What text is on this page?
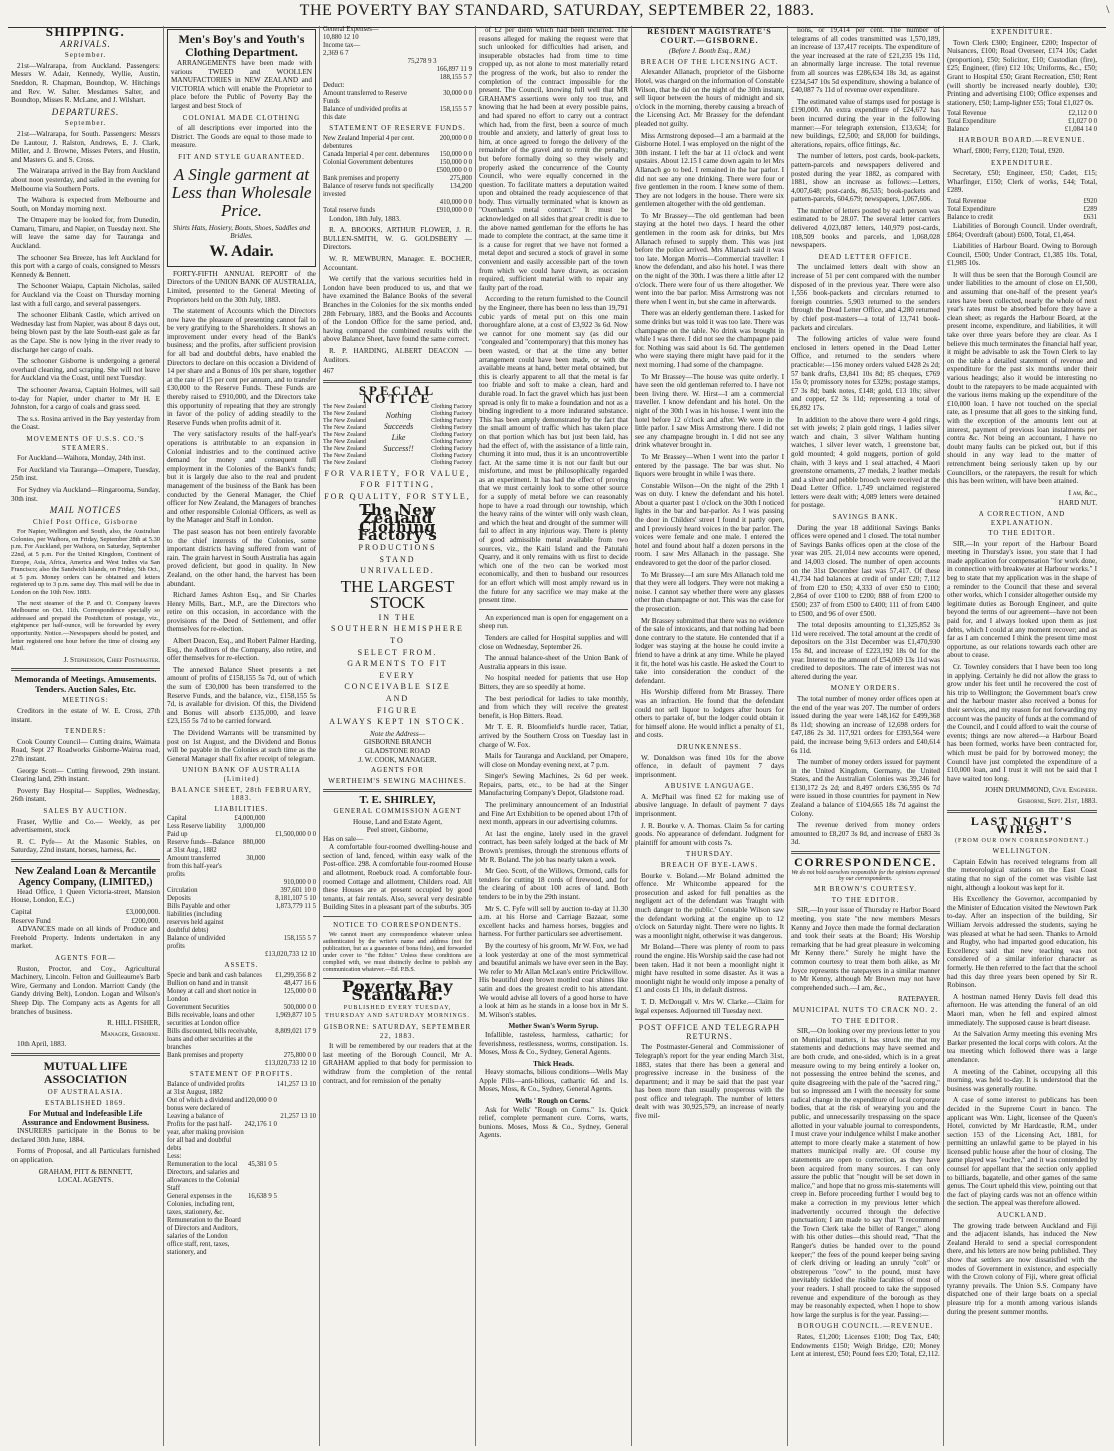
THE POVERTY BAY STANDARD, SATURDAY, SEPTEMBER 22, 1883.	\
SHIPPING.
ARRIVALS.
September.

21st—Walrarapa, from Auckland. Passengers: Messrs W. Adair, Kennedy, Wyllie, Austin, Sneddon, R. Chapman, Boundtop, W. Hitchings and Rev. W. Salter. Mesdames Salter, and Boundtop, Misses R. McLane, and J. Wilshart.

DEPARTURES.
September.

21st—Walrarapa, for South. Passengers: Messrs De Lautour, J. Ralston, Andrews, E. J. Clark, Miller, and J. Browne, Misses Peters, and Hustin, and Masters G. and S. Cross.

The Wairarapa arrived in the Bay from Auckland about noon yesterday, and sailed in the evening for Melbourne via Southern Ports.

The Waihora is expected from Melbourne and South, on Monday morning next.

The Omapere may be looked for, from Dunedin, Oamaru, Timaru, and Napier, on Tuesday next. She will leave the same day for Tauranga and Auckland.

The schooner Sea Breeze, has left Auckland for this port with a cargo of coals, consigned to Messrs Kennedy & Bennett.

The Schooner Waiapu, Captain Nicholas, sailed for Auckland via the Coast on Thursday morning last with a full cargo, and several passengers.

The schooner Elibank Castle, which arrived on Wednesday last from Napier, was about 8 days out, being blown past by the late South-east gale as far as the Cape. She is now lying in the river ready to discharge her cargo of coals.

The schooner Gisborne is undergoing a general overhaul cleaning, and scraping. She will not leave for Auckland via the Coast, until next Tuesday.

The schooner Awaroa, Captain Holmes, will sail to-day for Napier, under charter to Mr H. E Johnston, for a cargo of coals and grass seed.

The s.s. Rosina arrived in the Bay yesterday from the Coast.

MOVEMENTS OF U.S.S. CO.'S STEAMERS.

For Auckland—Waihora, Monday, 24th inst.

For Auckland via Tauranga—Omapere, Tuesday, 25th inst.

For Sydney via Auckland—Ringarooma, Sunday, 30th inst.

MAIL NOTICES
Chief Post Office, Gisborne

For Napier, Wellington and South, also, the Australian Colonies, per Waihora, on Friday, September 28th at 5.30 p.m. For Auckland, per Waihora, on Saturday, September 22nd, at 5 p.m. For the United Kingdom, Continent of Europe, Asia, Africa, America and West Indies via San Francisco; also the Sandwich Islands, on Friday, 5th Oct., at 5 p.m. Money orders can be obtained and letters registered up to 3 p.m. same day. This mail will be due in London on the 10th Nov. 1883.

The next steamer of the P. and O. Company leaves Melbourne on Oct. 11th. Correspondence specially so addressed and prepaid the Postdictum of postage, viz., eightpence per half-ounce, will be forwarded by every opportunity. Notice.—Newspapers should be posted, and letter registered one hour before the time of closing any Mail.

J. Stephenson, Chief Postmaster.
Memoranda of Meetings. Amusements. Tenders. Auction Sales, Etc.
MEETINGS:

Creditors in the estate of W. E. Cross, 27th instant.

TENDERS:

Cook County Council— Cutting drains, Waimata Road, Sept 27 Roadworks Gisborne-Wairoa road, 27th instant.

George Scott— Cutting firewood, 29th instant. Clearing land, 29th instant.

Poverty Bay Hospital— Supplies, Wednesday, 26th instant.

SALES BY AUCTION.

Fraser, Wyllie and Co.— Weekly, as per advertisement, stock

R. C. Pyfe— At the Masonic Stables, on Saturday, 22nd instant, horses, harness, &c.

New Zealand Loan & Mercantile Agency Company, (LIMITED,)

Head Office, 1 Queen Victoria-street, Mansion House, London, E.C.)

Capital	£3,000,000.
Reserve Fund	£200,000.

ADVANCES made on all kinds of Produce and Freehold Property. Indents undertaken in any market.

AGENTS FOR—

Ruston, Proctor, and Coy., Agricultural Machinery, Lincoln. Felton and Guilleaume's Barb Wire, Germany and London. Marriott Candy (the Gandy driving Belt), London. Logan and Wilson's Sheep Dip. The Company acts as Agents for all branches of business.

R. HILL FISHER,
Manager, Gisborne.

10th April, 1883.

MUTUAL LIFE ASSOCIATION
OF AUSTRALASIA.
ESTABLISHED 1869.
For Mutual and Indefeasible Life Assurance and Endowment Business.

INSURERS participate in the Bonus to be declared 30th June, 1884.

Forms of Proposal, and all Particulars furnished on application.

GRAHAM, PITT & BENNETT,
LOCAL AGENTS.
Men's Boy's and Youth's Clothing Department.

ARRANGEMENTS have been made with various TWEED and WOOLLEN MANUFACTORIES in NEW ZEALAND and VICTORIA which will enable the Proprietor to place before the Public of Poverty Bay the largest and best Stock of

COLONIAL MADE CLOTHING

of all descriptions ever imported into the District. The Goods are equal to those made to measure.

FIT AND STYLE GUARANTEED.
A Single garment at Less than Wholesale Price.
Shirts Hats, Hosiery, Boots, Shoes, Saddles and Bridles.
W. Adair.

FORTY-FIFTH ANNUAL REPORT of the Directors of the UNION BANK OF AUSTRALIA, Limited, presented to the General Meeting of Proprietors held on the 30th July, 1883.

The statement of Accounts which the Directors now have the pleasure of presenting cannot fail to be very gratifying to the Shareholders. It shows an improvement under every head of the Bank's business; and the profits, after sufficient provision for all bad and doubtful debts, have enabled the Directors to declare on this occasion a Dividend of 14 per share and a Bonus of 10s per share, together at the rate of 15 per cent per annum, and to transfer £30,000 to the Reserve Funds. These Funds are thereby raised to £910,000, and the Directors take this opportunity of repeating that they are strongly in favor of the policy of adding steadily to the Reserve Funds when profits admit of it.

The very satisfactory results of the half-year's operations is attributable to an expansion in Colonial industries and to the continued active demand for money and consequent full employment in the Colonies of the Bank's funds; but it is largely due also to the real and prudent management of the business of the Bank has been conducted by the General Manager, the Chief officer for New Zealand, the Managers of branches and other responsible Colonial Officers, as well as by the Manager and Staff in London.

The past season has not been entirely favorable to the chief interests of the Colonies, some important districts having suffered from want of rain. The grain harvest in South Australia has again proved deficient, but good in quality. In New Zealand, on the other hand, the harvest has been abundant.

Richard James Ashton Esq., and Sir Charles Henry Mills, Bart., M.P., are the Directors who retire on this occasion, in accordance with the provisions of the Deed of Settlement, and offer themselves for re-election.

Albert Deacon, Esq., and Robert Palmer Harding, Esq., the Auditors of the Company, also retire, and offer themselves for re-election.

The annexed Balance Sheet presents a net amount of profits of £158,155 5s 7d, out of which the sum of £30,000 has been transferred to the Reserve Funds, and the balance, viz., £158,155 5s 7d, is available for division. Of this, the Dividend and Bonus will absorb £135,000, and leave £23,155 5s 7d to be carried forward.

The Dividend Warrants will be transmitted by post on 1st August, and the Dividend and Bonus will be payable in the Colonies at such time as the General Manager shall fix after receipt of telegram.

UNION BANK OF AUSTRALIA (Limited)
BALANCE SHEET, 28th FEBRUARY, 1883.
LIABILITIES.
Capital	£4,000,000	
Less Reserve liability	3,000,000	
Paid up		£1,500,000 0 0
Reserve funds—Balance at 31st Aug., 1882	880,000	
Amount transferred from this half-year's profits	30,000	
		910,000 0 0
Circulation		397,601 10 0
Deposits		8,181,107 5 10
Bills Payable and other liabilities (including reserves held against doubtful debts)		1,873,779 11 5
Balance of undivided profits		158,155 5 7
		£13,020,733 12 10
ASSETS.
Specie and bank and cash balances		£1,299,356 8 2
Bullion on hand and in transit		48,477 16 6
Money at call and short notice in London		125,000 0 0
Government Securities		500,000 0 0
Bills receivable, loans and other securities at London office		1,969,877 10 5
Bills discounted, bills receivable, loans and other securities at the branches		8,809,021 17 9
Bank premises and property		275,800 0 0
		£13,020,733 12 10
STATEMENT OF PROFITS.
Balance of undivided profits at 31st August, 1882		141,257 13 10
Out of which a dividend and bonus were declared of	120,000 0 0	
Leaving a balance of		21,257 13 10
Profits for the past half-year, after making provision for all bad and doubtful debts	242,176 1 0	
Less:		
Remuneration to the local Directors, and salaries and allowances to the Colonial Staff	45,381 0 5	
General expenses in the Colonies, including rent, taxes, stationery, &c.	16,638 9 5	
Remuneration to the Board of Directors and Auditors, salaries of the London office staff, rent, taxes, stationery, and		
General Expenses—		
10,880 12 10		
Income tax—		
2,369 6 7		
	75,278 9 3	
		166,897 11 9
		188,155 5 7
Deduct:		
Amount transferred to Reserve Funds		30,000 0 0
Balance of undivided profits at this date		158,155 5 7
STATEMENT OF RESERVE FUNDS.
New Zealand Imperial 4 per cent. debentures	200,000 0 0	
Canada Imperial 4 per cent. debentures	150,000 0 0	
Colonial Government debentures	150,000 0 0	
	£500,000 0 0	
Bank premises and property	275,800	
Balance of reserve funds not specifically invested	134,200	
	410,000 0 0	
Total reserve funds	£910,000 0 0	

London, 18th July, 1883.

R. A. BROOKS, ARTHUR FLOWER, J. R. BULLEN-SMITH, W. G. GOLDSBERY — Directors.

W. R. MEWBURN, Manager. E. BOCHER, Accountant.

We certify that the various securities held in London have been produced to us, and that we have examined the Balance Books of the several Branches in the Colonies for the six months ended 28th February, 1883, and the Books and Accounts of the London Office for the same period, and, having compared the combined results with the above Balance Sheet, have found the same correct.

R. P. HARDING, ALBERT DEACON — Auditors.

467
SPECIAL NOTICE
The New Zealand
The New Zealand
The New Zealand
The New Zealand
The New Zealand
The New Zealand
The New Zealand
The New Zealand
The New Zealand
Nothing Succeeds Like Success!!
Clothing Factory
Clothing Factory
Clothing Factory
Clothing Factory
Clothing Factory
Clothing Factory
Clothing Factory
Clothing Factory
Clothing Factory
FOR VARIETY, FOR VALUE,
FOR FITTING,
FOR QUALITY, FOR STYLE,
The New Zealand Clothing Factory's
PRODUCTIONS
STAND
UNRIVALLED.
THE LARGEST STOCK
IN THE
SOUTHERN HEMISPHERE
TO
SELECT FROM.
GARMENTS TO FIT
EVERY
CONCEIVABLE SIZE
AND
FIGURE
ALWAYS KEPT IN STOCK.
Note the Address—
GISBORNE BRANCH
GLADSTONE ROAD
J. W. COOK, MANAGER.
AGENTS FOR
WERTHEIM'S SEWING MACHINES.
T. E. SHIRLEY,
GENERAL COMMISSION AGENT
House, Land and Estate Agent,
Peel street, Gisborne,
Has on sale—

A comfortable four-roomed dwelling-house and section of land, fenced, within easy walk of the Post-office. 298. A comfortable four-roomed House and allotment, Roebuck road. A comfortable four-roomed Cottage and allotment, Childers road. All these Houses are at present occupied by good tenants, at fair rentals. Also, several very desirable Building Sites in a pleasant part of the suburbs. 305

NOTICE TO CORRESPONDENTS.

We cannot insert any correspondence whatever unless authenticated by the writer's name and address (not for publication, but as a guarantee of bona fides), and forwarded under cover to "the Editor." Unless these conditions are complied with, we must distinctly decline to publish any communication whatever.—Ed. P.B.S.

Poverty Bay Standard.
PUBLISHED EVERY TUESDAY, THURSDAY AND SATURDAY MORNINGS.
GISBORNE: SATURDAY, SEPTEMBER 22, 1883.

It will be remembered by our readers that at the last meeting of the Borough Council, Mr A. GRAHAM applied to that body for permission to withdraw from the completion of the rental contract, and for remission of the penalty

of £2 per diem which had been incurred. The reasons alleged for making the request were that such unlooked for difficulties had arisen, and insuperable obstacles had from time to time cropped up, as not alone to most materially retard the progress of the work, but also to render the completion of the contract impossible for the present. The Council, knowing full well that MR GRAHAM'S assertions were only too true, and knowing that he had been at every possible pains, and had spared no effort to carry out a contract which had, from the first, been a source of much trouble and anxiety, and latterly of great loss to him, at once agreed to forego the delivery of the remainder of the gravel and to remit the penalty; but before formally doing so they wisely and properly asked the concurrence of the County Council, who were equally concerned in the question. To facilitate matters a deputation waited upon and obtained the ready acquiescence of that body. Thus virtually terminated what is known as "Oxenham's metal contract." It must be acknowledged on all sides that great credit is due to the above named gentleman for the efforts he has made to complete the contract, at the same time it is a cause for regret that we have not formed a metal depot and secured a stock of gravel in some convenient and easily accessible part of the town from which we could have drawn, as occasion required, sufficient material with to repair any faulty part of the road.

According to the return furnished to the Council by the Engineer, there has been no less than 19,791 cubic yards of metal put on this one main thoroughfare alone, at a cost of £3,922 3s 6d. Now we cannot for one moment say (as did our "congealed and "contemporary) that this money has been wasted, or that at the time any better arrangement could have been made, or with the available means at hand, better metal obtained, but this is clearly apparent to all that the metal is far too friable and soft to make a clean, hard and durable road. In fact the gravel which has just been spread is only fit to make a foundation and not as a binding ingredient to a more indurated substance. This has been amply demonstrated by the fact that the small amount of traffic which has taken place on that portion which has but just been laid, has had the effect of, with the assistance of a little rain, churning it into mud, thus it is an uncontrovertible fact. At the same time it is not our fault but our misfortune, and must be philosophically regarded as an experiment. It has had the effect of proving that we must certainly look to some other source for a supply of metal before we can reasonably hope to have a road through our township, which the heavy rains of the winter will only wash clean, and which the heat and drought of the summer will fail to affect in any injurious way. There is plenty of good admissible metal available from two sources, viz., the Kaiti Island and the Patutahi Quarry, and it only remains with us first to decide which one of the two can be worked most economically, and then to husband our resources for an effort which will most amply reward us in the future for any sacrifice we may make at the present time.

An experienced man is open for engagement on a sheep run.

Tenders are called for Hospital supplies and will close on Wednesday, September 26.

The annual balance-sheet of the Union Bank of Australia appears in this issue.

No hospital needed for patients that use Hop Bitters, they are so speedily at home.

The best periodical for ladies to take monthly, and from which they will receive the greatest benefit, is Hop Bitters. Read.

Mr T. E. R. Bloomfield's hurdle racer, Tatiar, arrived by the Southern Cross on Tuesday last in charge of W. Fox.

Mails for Tauranga and Auckland, per Omapere, will close on Monday evening next, at 7 p.m.

Singer's Sewing Machines, 2s 6d per week. Repairs, parts, etc., to be had at the Singer Manufacturing Company's Depot, Gladstone road.

The preliminary announcement of an Industrial and Fine Art Exhibition to be opened about 17th of next month, appears in our advertising columns.

At last the engine, lately used in the gravel contract, has been safely lodged at the back of Mr Brown's premises, through the strenuous efforts of Mr R. Boland. The job has nearly taken a week.

Mr Geo. Scott, of the Willows, Ormond, calls for tenders for cutting 18 cords of firewood, and for the clearing of about 100 acres of land. Both tenders to be in by the 29th instant.

Mr S. C. Fyfe will sell by auction to-day at 11.30 a.m. at his Horse and Carriage Bazaar, some excellent hacks and harness horses, buggies and harness. For further particulars see advertisement.

By the courtesy of his groom, Mr W. Fox, we had a look yesterday at one of the most symmetrical and beautiful animals we have ever seen in the Bay. We refer to Mr Allan McLean's entire Prickwillow. His beautiful deep brown mottled coat shines like satin and does the greatest credit to his attendant. We would advise all lovers of a good horse to have a look at him as he stands in a loose box in Mr S. M. Wilson's stables.

Mother Swan's Worm Syrup.

Infallible, tasteless, harmless, cathartic; for feverishness, restlessness, worms, constipation. 1s. Moses, Moss & Co., Sydney, General Agents.

Thick Heads.

Heavy stomachs, bilious conditions—Wells May Apple Pills—anti-bilious, cathartic 6d. and 1s. Moses, Moss, & Co., Sydney, General Agents.

Wells ' Rough on Corns.'

Ask for Wells' "Rough on Corns." 1s. Quick relief, complete permanent cure. Corns, warts, bunions. Moses, Moss & Co., Sydney, General Agents.

RESIDENT MAGISTRATE'S COURT.—GISBORNE.
(Before J. Booth Esq., R.M.)
BREACH OF THE LICENSING ACT.

Alexander Allanach, proprietor of the Gisborne Hotel, was charged on the information of Constable Wilson, that he did on the night of the 30th instant, sell liquor between the hours of midnight and six o'clock in the morning, thereby causing a breach of the Licensing Act. Mr Brassey for the defendant pleaded not guilty.

Miss Armstrong deposed—I am a barmaid at the Gisborne Hotel. I was employed on the night of the 30th instant. I left the bar at 11 o'clock and went upstairs. About 12.15 I came down again to let Mrs Allanach go to bed. I remained in the bar parlor. I did not see any one drinking. There were four or five gentlemen in the room. I knew some of them. They are not lodgers in the house. There were six gentlemen altogether with the old gentleman.

To Mr Brassey—The old gentleman had been staying at the hotel two days. I heard the other gentlemen in the room ask for drinks, but Mrs Allanach refused to supply them. This was just before the police arrived. Mrs Allanach said it was too late. Morgan Morris—Commercial traveller: I know the defendant, and also his hotel. I was there on the night of the 30th. I was there a little after 12 o'clock. There were four of us there altogether. We went into the bar parlor. Miss Armstrong was not there when I went in, but she came in afterwards.

There was an elderly gentleman there. I asked for some drinks but was told it was too late. There was champagne on the table. No drink was brought in while I was there. I did not see the champagne paid for. Nothing was said about 1s 6d. The gentlemen who were staying there might have paid for it the next morning. I had some of the champagne.

To Mr Brassey—The house was quite orderly. I have seen the old gentleman referred to. I have not been living there. W. Hirst—I am a commercial traveller. I know defendant and his hotel. On the night of the 30th I was in his house. I went into the hotel before 12 o'clock and after. We were in the little parlor. I saw Miss Armstrong there. I did not see any champagne brought in. I did not see any drink whatever brought in.

To Mr Brassey—When I went into the parlor I entered by the passage. The bar was shut. No liquors were brought in while I was there.

Constable Wilson—On the night of the 29th I was on duty. I knew the defendant and his hotel. About a quarter past 1 o'clock on the 30th I noticed lights in the bar and bar-parlor. As I was passing the door in Childers' street I found it partly open, and I previously heard voices in the bar parlor. The voices were female and one male. I entered the hotel and found about half a dozen persons in the room. I saw Mrs Allanach in the passage. She endeavored to get the door of the parlor closed.

To Mr Brassey—I am sure Mrs Allanach told me that they were all lodgers. They were not making a noise. I cannot say whether there were any glasses other than champagne or not. This was the case for the prosecution.

Mr Brassey submitted that there was no evidence of the sale of intoxicants, and that nothing had been done contrary to the statute. He contended that if a lodger was staying at the house he could invite a friend to have a drink at any time. While he played it fit, the hotel was his castle. He asked the Court to take into consideration the conduct of the defendant.

His Worship differed from Mr Brassey. There was an infraction. He found that the defendant could not sell liquor to lodgers after hours for others to partake of, but the lodger could obtain it for himself alone. He would inflict a penalty of £1, and costs.

DRUNKENNESS.

W. Donaldson was fined 10s for the above offence, in default of payment 7 days imprisonment.

ABUSIVE LANGUAGE.

A. McPhail was fined £2 for making use of abusive language. In default of payment 7 days imprisonment.

J. R. Bourke v. A. Thomas. Claim 5s for carting goods. No appearance of defendant. Judgment for plaintiff for amount with costs 7s.

THURSDAY.
BREACH OF BYE-LAWS.

Bourke v. Boland.—Mr Boland admitted the offence. Mr Whitcombe appeared for the prosecution and asked for full penalties as the negligent act of the defendant was 'fraught with much danger to the public.' Constable Wilson saw the defendant working at the engine up to 12 o'clock on Saturday night. There were no lights. It was a moonlight night, otherwise it was dangerous.

Mr Boland—There was plenty of room to pass round the engine. His Worship said the case had not been taken. Had it not been a moonlight night it might have resulted in some disaster. As it was a moonlight night he would only impose a penalty of £1 and costs £1 10s, in default distress.

T. D. McDougall v. Mrs W. Clarke.—Claim for legal expenses. Adjourned till Tuesday next.

POST OFFICE AND TELEGRAPH RETURNS.

The Postmaster-General and Commissioner of Telegraph's report for the year ending March 31st, 1883, states that there has been a general and progressive increase in the business of the department; and it may be said that the past year has been more than usually prosperous with the post office and telegraph. The number of letters dealt with was 30,925,579, an increase of nearly five mil-

lions, or 19,414 per cent. The number of telegrams of all codes transmitted was 1,570,189, an increase of 137,417 receipts. The expenditure of the year increased at the rate of £21,235 19s 11d, an abnormally large increase. The total revenue from all sources was £286,634 18s 3d, as against £234,547 10s 5d expenditure, showing a balance of £40,087 7s 11d of revenue over expenditure.

The estimated value of stamps used for postage is £190,000. An extra expenditure of £24,672 has been incurred during the year in the following manner:—For telegraph extension, £13,634; for new buildings, £2,500; and £8,000 for buildings, alterations, repairs, office fittings, &c.

The number of letters, post cards, book-packets, pattern-parcels and newspapers delivered and posted during the year 1882, as compared with 1881, show an increase as follows:—Letters, 4,007,648; post-cards, 86,535; book-packets and pattern-parcels, 604,679; newspapers, 1,067,606.

The number of letters posted by each person was estimated to be 28.07. The several letter carriers delivered 4,023,087 letters, 140,979 post-cards, 108,509 books and parcels, and 1,068,028 newspapers.

DEAD LETTER OFFICE.

The unclaimed letters dealt with show an increase of 51 per cent compared with the number disposed of in the previous year. There were also 1,556 book-packets and circulars returned to foreign countries. 5,903 returned to the senders through the Dead Letter Office, and 4,280 returned by chief post-masters—a total of 13,741 book-packets and circulars.

The following articles of value were found enclosed in letters opened in the Dead Letter Office, and returned to the senders where practicable:—156 money orders valued £428 2s 2d; 57 bank drafts, £3,841 10s 8d; 85 cheques, £769 15s 0; promissory notes for £329s; postage stamps, £7 3s 8d; bank notes, £148; gold, £13 10s; silver and copper, £2 3s 11d; representing a total of £6,892 17s.

In addition to the above there were 4 gold rings, set with jewels; 2 plain gold rings, 1 ladies silver watch and chain, 3 silver Waltham hunting watches, 1 silver lever watch, 1 greenstone bar, gold mounted; 4 gold nuggets, portion of gold chain, with 3 keys and 1 seal attached, 4 Maori greenstone ornaments, 27 medals, 2 leather medals and a silver and pebble brooch were received at the Dead Letter Office. 1,749 unclaimed registered letters were dealt with; 4,089 letters were detained for postage.

SAVINGS BANK.

During the year 18 additional Savings Banks offices were opened and 1 closed. The total number of Savings Banks offices open at the close of the year was 205. 21,014 new accounts were opened, and 14,003 closed. The number of open accounts on the 31st December last was 57,417. Of these 41,734 had balances at credit of under £20; 7,112 of from £20 to £50; 4,333 of over £50 to £100; 2,864 of over £100 to £200; 888 of from £200 to £500; 237 of from £500 to £400; 111 of from £400 to £500, and 96 of over £500.

The total deposits amounting to £1,325,852 3s 11d were received. The total amount at the credit of depositors on the 31st December was £1,470,930 15s 8d, and increase of £223,192 18s 0d for the year. Interest to the amount of £54,069 13s 11d was credited to depositors. The rate of interest was not altered during the year.

MONEY ORDERS.

The total number of money order offices open at the end of the year was 207. The number of orders issued during the year were 148,162 for £499,368 8s 11d; showing an increase of 12,698 orders for £47,186 2s 3d. 117,921 orders for £393,564 were paid, the increase being 9,613 orders and £40,614 6s 11d.

The number of money orders issued for payment in the United Kingdom, Germany, the United States, and the Australian Colonies was 39,246 for £130,172 2s 2d; and 8,497 orders £36,595 0s 7d were issued in those countries for payment in New Zealand a balance of £104,665 18s 7d against the Colony.

The revenue derived from money orders amounted to £8,207 3s 8d, and increase of £683 3s 3d.

CORRESPONDENCE.
We do not hold ourselves responsible for the opinions expressed by our correspondents.
MR BROWN'S COURTESY.
TO THE EDITOR.

SIR,—In your issue of Thursday re Harbor Board meeting, you state "the new members Messrs Kenny and Joyce then made the formal declaration and took their seats at the Board; His Worship remarking that he had great pleasure in welcoming Mr Kenny there." Surely he might have the common courtesy to treat them both alike, as Mr Joyce represents the ratepayers in a similar manner to Mr Kenny, although Mr Brown may not have comprehended such.—I am, &c.,

RATEPAYER.
MUNICIPAL NUTS TO CRACK NO. 2.
TO THE EDITOR.

SIR,—On looking over my previous letter to you on Municipal matters, it has struck me that my statements and deductions may have seemed and are both crude, and one-sided, which is in a great measure owing to my being entirely a looker on, not possessing the entree behind the scenes, and quite disagreeing with the pale of the "sacred ring," but so impressed am I with the necessity for some radical change in the expenditure of local corporate bodies, that at the risk of wearying you and the public, and unnecessarily trespassing on the space allotted in your valuable journal to correspondents, I must crave your indulgence whilst I make another attempt to more clearly make a statement of how matters municipal really are. Of course my statements are open to correction, as they have been acquired from many sources. I can only assure the public that "nought will be set down in malice," and hope that no gross mis-statements will creep in. Before proceeding further I would beg to make a correction in my previous letter which inadvertently occurred through the defective punctuation; I am made to say that "I recommend the Town Clerk take the billet of Ranger," along with his other duties—this should read, "That the Ranger's duties be handed over to the pound keeper;" the fees of the pound keeper being saving of clerk driving or leading an unruly "colt" or obstreperous "cow" to the pound, must have inevitably tickled the risible faculties of most of your readers. I shall proceed to take the supposed revenue and expenditure of the borough as they may be reasonably expected, when I hope to show how large the surplus is for the year. Passing:—

BOROUGH COUNCIL.—REVENUE.

Rates, £1,200; Licenses £100; Dog Tax, £40; Endowments £150; Weigh Bridge, £20; Money Lent at interest, £50; Pound fees £20; Total, £2,112.

EXPENDITURE.

Town Clerk £300; Engineer, £200; Inspector of Nuisances, £100; Road Overseer, £174 10s; Cadet (proportion), £50; Solicitor, £10; Custodian (fire), £25; Engineer, (fire) £12 10s; Uniforms, &c., £50; Grant to Hospital £50; Grant Recreation, £50; Rent (will shortly be increased nearly double), £30; Printing and advertising £100; Office expenses and stationery, £50; Lamp-lighter £55; Total £1,027 0s.

Total Revenue	£2,112 0 0
Total Expenditure	£1,027 0 0
Balance	£1,084 14 0
HARBOUR BOARD.—REVENUE.

Wharf, £800; Ferry, £120; Total, £920.

EXPENDITURE.

Secretary, £50; Engineer, £50; Cadet, £15; Wharfinger, £150; Clerk of works, £44; Total, £289.

Total Revenue	£920
Total Expenditure	£289
Balance to credit	£631

Liabilities of Borough Council. Under overdraft, £864; Overdraft (about) £600, Total, £1,464.

Liabilities of Harbour Board. Owing to Borough Council, £500; Under Contract, £1,385 10s. Total, £1,985 10s.

It will thus be seen that the Borough Council are under liabilities to the amount of close on £1,500, and assuming that one-half of the present year's rates have been collected, nearly the whole of next year's rates must be absorbed before they have a clean sheet; as regards the Harbour Board, at the present income, expenditure, and liabilities, it will take over three years before they are clear. As I believe this much terminates the financial half year, it might be advisable to ask the Town Clerk to lay on the table a detailed statement of revenue and expenditure for the past six months under their various headings; also it would be interesting no doubt to the ratepayers to be made acquainted with the various items making up the expenditure of the £10,000 loan. I have not touched on the special rate, as I presume that all goes to the sinking fund, with the exception of the amounts lent out at interest, payment of previous loan instalments per contra &c. Not being an accountant, I have no doubt many faults can be picked out, but if this should in any way lead to the matter of retrenchment being seriously taken up by our Councillors, or the ratepayers, the result for which this has been written, will have been attained.

I am, &c.,
HARD NUT.
A CORRECTION, AND EXPLANATION.
TO THE EDITOR.

SIR,—In your report of the Harbour Board meeting in Thursday's issue, you state that I had made application for compensation "for work done, in connection with breakwater at Harbour works." I beg to state that my application was in the shape of a reminder to the Council that these and several other works, which I consider altogether outside my legitimate duties as Borough Engineer, and quite beyond the terms of our agreement—have not been paid for, and I always looked upon them as just debts, which I could at any moment recover; and as far as I am concerned I think the present time most opportune, as our relations towards each other are about to cease.

Cr. Townley considers that I have been too long in applying. Certainly he did not allow the grass to grow under his feet until he recovered the cost of his trip to Wellington; the Government boat's crew and the harbour master also received a bonus for their services, and my reason for not forwarding my account was the paucity of funds at the command of the Council, and I could afford to wait the course of events; things are now altered—a Harbour Board has been formed, works have been contracted for, which must be paid for by borrowed money; the Council have just completed the expenditure of a £10,000 loan, and I trust it will not be said that I have waited too long.

JOHN DRUMMOND, Civil Engineer.
Gisborne, Sept. 21st, 1883.
LAST NIGHT'S WIRES.
(FROM OUR OWN CORRESPONDENT.)
WELLINGTON.

Captain Edwin has received telegrams from all the meteorological stations on the East Coast stating that no sign of the comet was visible last night, although a lookout was kept for it.

His Excellency the Governor, accompanied by the Minister of Education visited the Newtown Park to-day. After an inspection of the building, Sir William Jervois addressed the students, saying he was pleased at what he had seen. Thanks to Arnold and Rugby, who had imparted good education, his Excellency said that new teaching was not considered of a similar inferior character as formerly. He then referred to the fact that the school had this day three years been opened by Sir R. Robinson.

A hostman named Henry Davis fell dead this afternoon. He was attending the funeral of an old Maori man, when he fell and expired almost immediately. The supposed cause is heart disease.

At the Salvation Army meeting this evening Mrs Barker presented the local corps with colors. At the tea meeting which followed there was a large attendance.

A meeting of the Cabinet, occupying all this morning, was held to-day. It is understood that the business was generally routine.

A case of some interest to publicans has been decided in the Supreme Court in banco. The applicant was Wm. Light, licensee of the Queen's Hotel, convicted by Mr Hardcastle, R.M., under section 153 of the Licensing Act, 1881, for permitting an unlawful game to be played in his licensed public house after the hour of closing. The game played was "euchre," and it was contended by counsel for appellant that the section only applied to billiards, bagatelle, and other games of the same genus. The Court upheld this view, pointing out that the fact of playing cards was not an offence within the section. The appeal was therefore allowed.

AUCKLAND.

The growing trade between Auckland and Fiji and the adjacent islands, has induced the New Zealand Herald to send a special correspondent there, and his letters are now being published. They show that settlers are now dissatisfied with the modes of Government in existence, and especially with the Crown colony of Fiji, where great official tyranny prevails. The Union S.S. Company have dispatched one of their large boats on a special pleasure trip for a month among various islands during the present summer months.
